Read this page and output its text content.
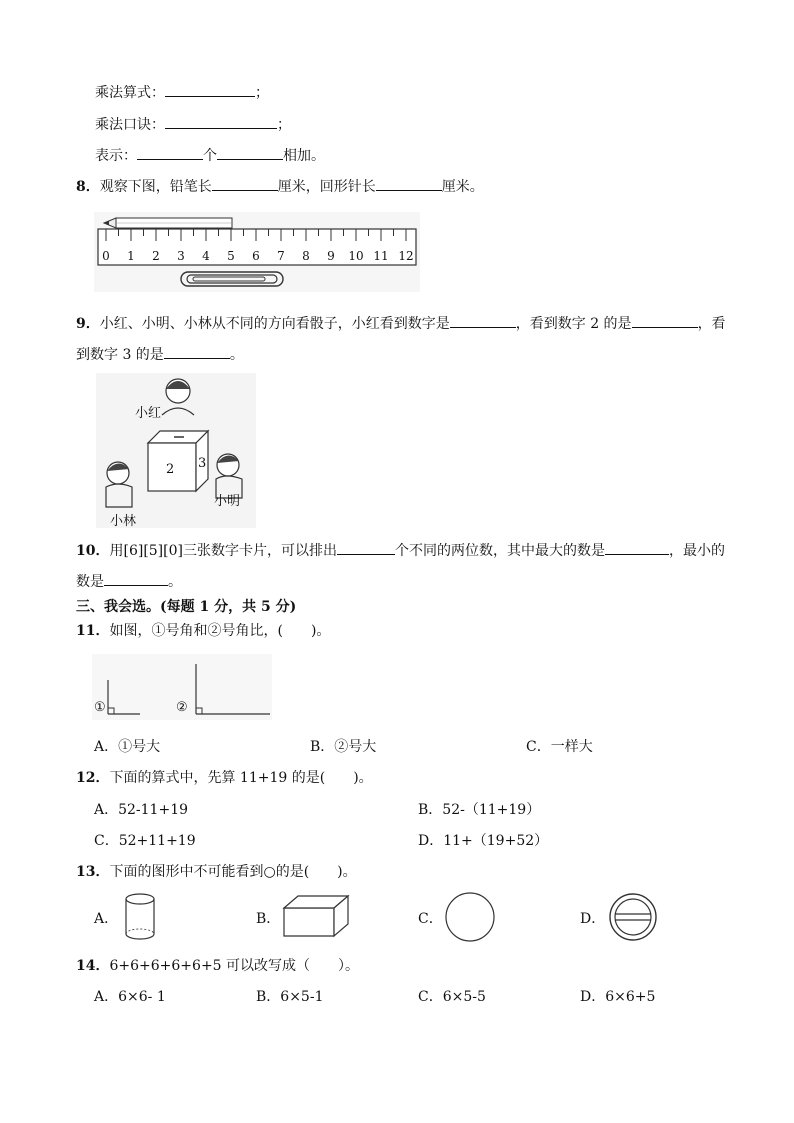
乘法算式：	；
乘法口诀：	；
表示：	个	相加。
8．观察下图，铅笔长	厘米，回形针长	厘米。
0 1 2 3 4 5 6 7 8 9 10 11 12
9．小红、小明、小林从不同的方向看骰子，小红看到数字是	，看到数字 2 的是	，看
到数字 3 的是	。
小红
2 3
小明
小林
10．用[6][5][0]三张数字卡片，可以排出	个不同的两位数，其中最大的数是	，最小的
数是	。
三、我会选。(每题 1 分，共 5 分)
11．如图，①号角和②号角比，(　　)。
①	②
A．①号大	B．②号大	C．一样大
12．下面的算式中，先算 11+19 的是(　　)。
A．52-11+19	B．52-（11+19）
C．52+11+19	D．11+（19+52）
13．下面的图形中不可能看到○的是(　　)。
A．	B．	C．	D．
14．6+6+6+6+6+5 可以改写成（　　）。
A．6×6- 1	B．6×5-1	C．6×5-5	D．6×6+5
